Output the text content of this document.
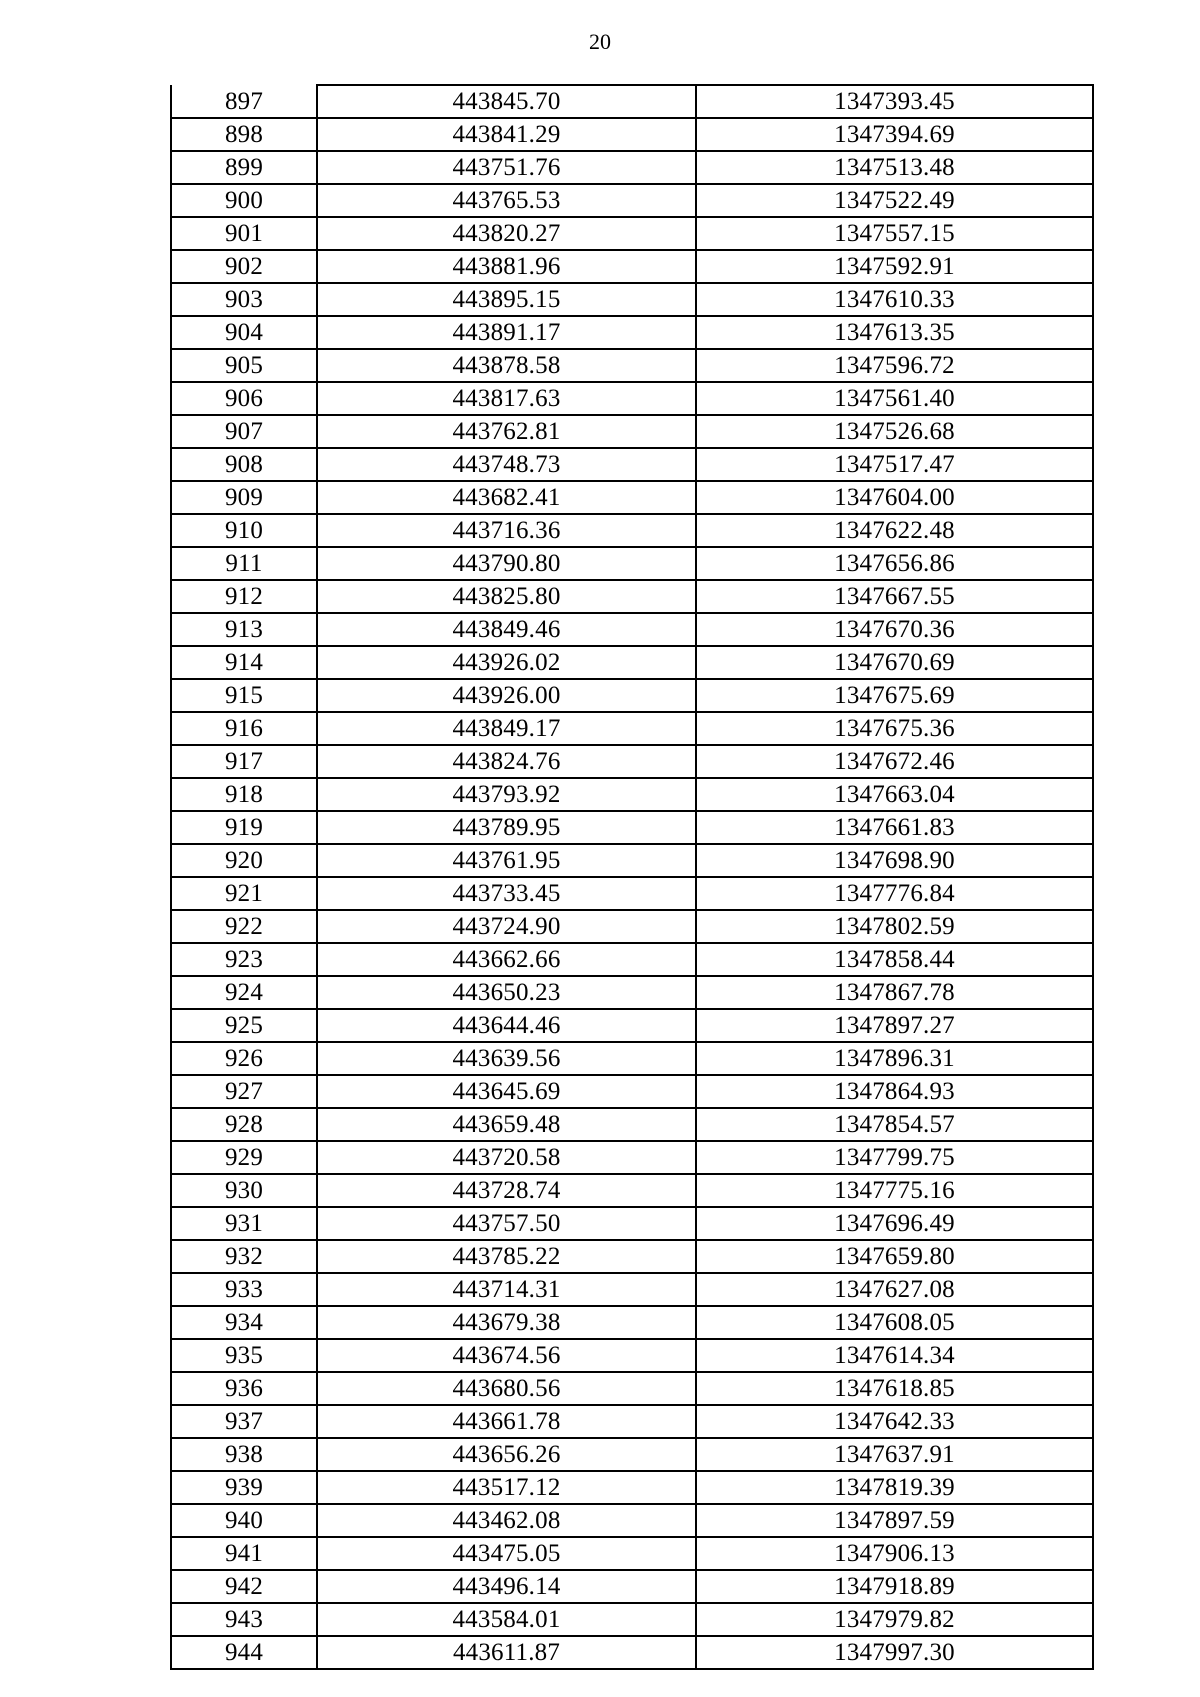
20
897	443845.70	1347393.45
898	443841.29	1347394.69
899	443751.76	1347513.48
900	443765.53	1347522.49
901	443820.27	1347557.15
902	443881.96	1347592.91
903	443895.15	1347610.33
904	443891.17	1347613.35
905	443878.58	1347596.72
906	443817.63	1347561.40
907	443762.81	1347526.68
908	443748.73	1347517.47
909	443682.41	1347604.00
910	443716.36	1347622.48
911	443790.80	1347656.86
912	443825.80	1347667.55
913	443849.46	1347670.36
914	443926.02	1347670.69
915	443926.00	1347675.69
916	443849.17	1347675.36
917	443824.76	1347672.46
918	443793.92	1347663.04
919	443789.95	1347661.83
920	443761.95	1347698.90
921	443733.45	1347776.84
922	443724.90	1347802.59
923	443662.66	1347858.44
924	443650.23	1347867.78
925	443644.46	1347897.27
926	443639.56	1347896.31
927	443645.69	1347864.93
928	443659.48	1347854.57
929	443720.58	1347799.75
930	443728.74	1347775.16
931	443757.50	1347696.49
932	443785.22	1347659.80
933	443714.31	1347627.08
934	443679.38	1347608.05
935	443674.56	1347614.34
936	443680.56	1347618.85
937	443661.78	1347642.33
938	443656.26	1347637.91
939	443517.12	1347819.39
940	443462.08	1347897.59
941	443475.05	1347906.13
942	443496.14	1347918.89
943	443584.01	1347979.82
944	443611.87	1347997.30
